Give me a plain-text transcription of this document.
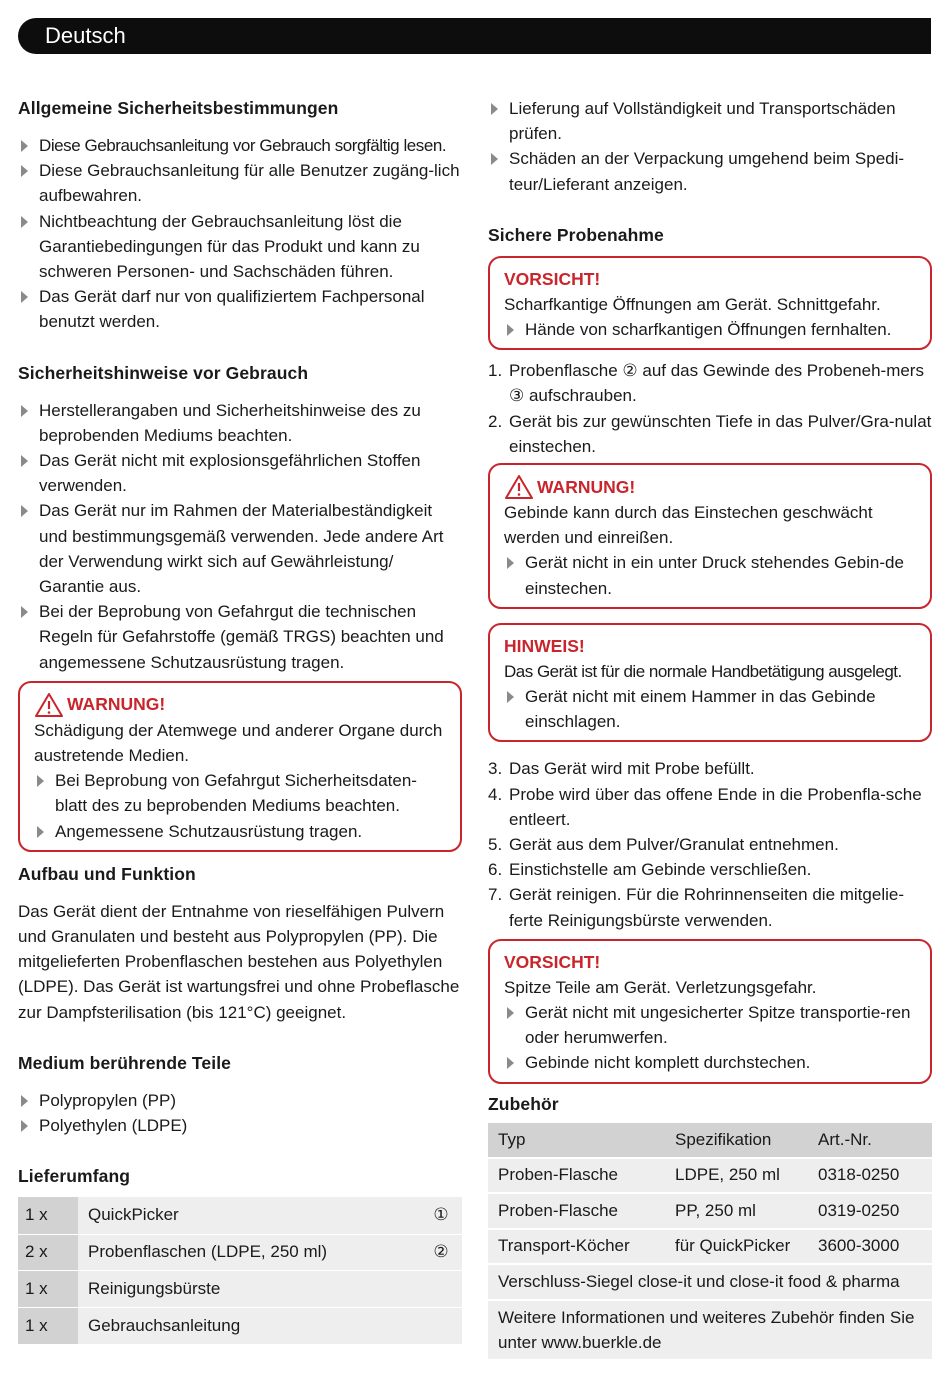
Deutsch
Allgemeine Sicherheitsbestimmungen
Diese Gebrauchsanleitung vor Gebrauch sorgfältig lesen.
Diese Gebrauchsanleitung für alle Benutzer zugäng-lich aufbewahren.
Nichtbeachtung der Gebrauchsanleitung löst die Garantiebedingungen für das Produkt und kann zu schweren Personen- und Sachschäden führen.
Das Gerät darf nur von qualifiziertem Fachpersonal benutzt werden.
Sicherheitshinweise vor Gebrauch
Herstellerangaben und Sicherheitshinweise des zu beprobenden Mediums beachten.
Das Gerät nicht mit explosionsgefährlichen Stoffen verwenden.
Das Gerät nur im Rahmen der Materialbeständigkeit und bestimmungsgemäß verwenden. Jede andere Art der Verwendung wirkt sich auf Gewährleistung/ Garantie aus.
Bei der Beprobung von Gefahrgut die technischen Regeln für Gefahrstoffe (gemäß TRGS) beachten und angemessene Schutzausrüstung tragen.
WARNUNG!

Schädigung der Atemwege und anderer Organe durch austretende Medien.

Bei Beprobung von Gefahrgut Sicherheitsdaten-blatt des zu beprobenden Mediums beachten.
Angemessene Schutzausrüstung tragen.
Aufbau und Funktion

Das Gerät dient der Entnahme von rieselfähigen Pulvern und Granulaten und besteht aus Polypropylen (PP). Die mitgelieferten Probenflaschen bestehen aus Polyethylen (LDPE). Das Gerät ist wartungsfrei und ohne Probeflasche zur Dampfsterilisation (bis 121°C) geeignet.

Medium berührende Teile
Polypropylen (PP)
Polyethylen (LDPE)
Lieferumfang
1 x	QuickPicker	①
2 x	Probenflaschen (LDPE, 250 ml)	②
1 x	Reinigungsbürste	
1 x	Gebrauchsanleitung	
Lieferung auf Vollständigkeit und Transportschäden prüfen.
Schäden an der Verpackung umgehend beim Spedi-teur/Lieferant anzeigen.
Sichere Probenahme
VORSICHT!

Scharfkantige Öffnungen am Gerät. Schnittgefahr.

Hände von scharfkantigen Öffnungen fernhalten.
1. Probenflasche ② auf das Gewinde des Probeneh-mers ③ aufschrauben.
2. Gerät bis zur gewünschten Tiefe in das Pulver/Gra-nulat einstechen.
WARNUNG!

Gebinde kann durch das Einstechen geschwächt werden und einreißen.

Gerät nicht in ein unter Druck stehendes Gebin-de einstechen.
HINWEIS!

Das Gerät ist für die normale Handbetätigung ausgelegt.

Gerät nicht mit einem Hammer in das Gebinde einschlagen.
3. Das Gerät wird mit Probe befüllt.
4. Probe wird über das offene Ende in die Probenfla-sche entleert.
5. Gerät aus dem Pulver/Granulat entnehmen.
6. Einstichstelle am Gebinde verschließen.
7. Gerät reinigen. Für die Rohrinnenseiten die mitgelie-ferte Reinigungsbürste verwenden.
VORSICHT!

Spitze Teile am Gerät. Verletzungsgefahr.

Gerät nicht mit ungesicherter Spitze transportie-ren oder herumwerfen.
Gebinde nicht komplett durchstechen.
Zubehör
Typ	Spezifikation	Art.-Nr.
Proben-Flasche	LDPE, 250 ml	0318-0250
Proben-Flasche	PP, 250 ml	0319-0250
Transport-Köcher	für QuickPicker	3600-3000
Verschluss-Siegel close-it und close-it food & pharma		
Weitere Informationen und weiteres Zubehör finden Sie unter www.buerkle.de		
